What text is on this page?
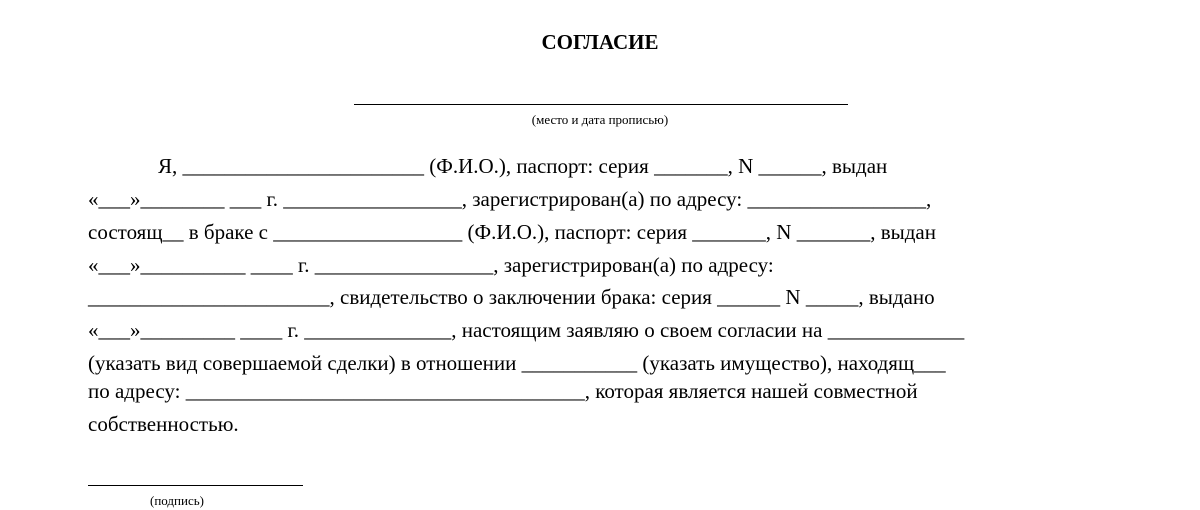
СОГЛАСИЕ
(место и дата прописью)
Я, _______________________ (Ф.И.О.), паспорт: серия _______, N ______, выдан
«___»________ ___ г. _________________, зарегистрирован(а) по адресу: _________________,
состоящ__ в браке с __________________ (Ф.И.О.), паспорт: серия _______, N _______, выдан
«___»__________ ____ г. _________________, зарегистрирован(а) по адресу:
_______________________, свидетельство о заключении брака: серия ______ N _____, выдано
«___»_________ ____ г. ______________, настоящим заявляю о своем согласии на _____________
(указать вид совершаемой сделки) в отношении ___________ (указать имущество), находящ___
по адресу: ______________________________________, которая является нашей совместной
собственностью.
(подпись)
